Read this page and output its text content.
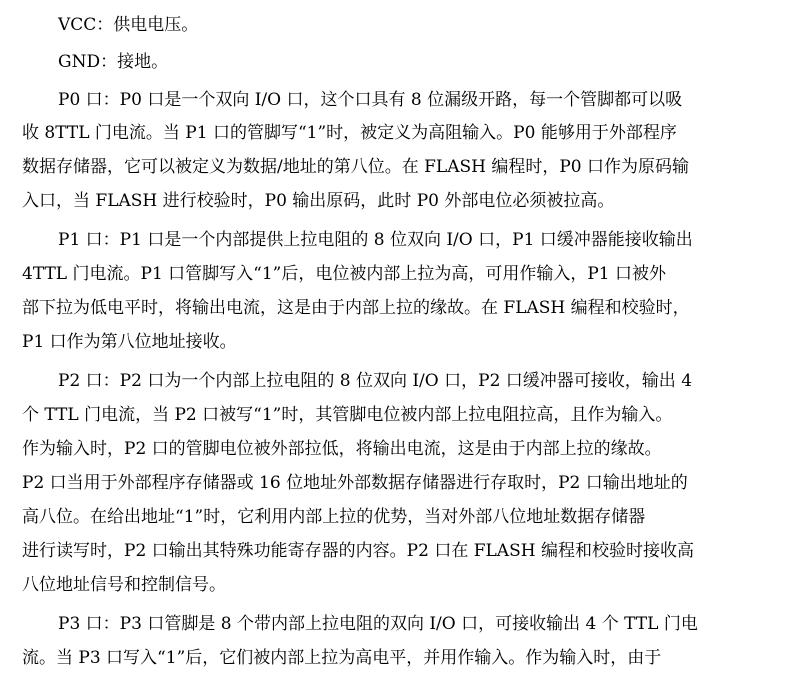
VCC：供电电压。
GND：接地。
P0 口：P0 口是一个双向 I/O 口，这个口具有 8 位漏级开路，每一个管脚都可以吸
收 8TTL 门电流。当 P1 口的管脚写“1”时，被定义为高阻输入。P0 能够用于外部程序
数据存储器，它可以被定义为数据/地址的第八位。在 FLASH 编程时，P0 口作为原码输
入口，当 FLASH 进行校验时，P0 输出原码，此时 P0 外部电位必须被拉高。
P1 口：P1 口是一个内部提供上拉电阻的 8 位双向 I/O 口，P1 口缓冲器能接收输出
4TTL 门电流。P1 口管脚写入“1”后，电位被内部上拉为高，可用作输入，P1 口被外
部下拉为低电平时，将输出电流，这是由于内部上拉的缘故。在 FLASH 编程和校验时，
P1 口作为第八位地址接收。
P2 口：P2 口为一个内部上拉电阻的 8 位双向 I/O 口，P2 口缓冲器可接收，输出 4
个 TTL 门电流，当 P2 口被写“1”时，其管脚电位被内部上拉电阻拉高，且作为输入。
作为输入时，P2 口的管脚电位被外部拉低，将输出电流，这是由于内部上拉的缘故。
P2 口当用于外部程序存储器或 16 位地址外部数据存储器进行存取时，P2 口输出地址的
高八位。在给出地址“1”时，它利用内部上拉的优势，当对外部八位地址数据存储器
进行读写时，P2 口输出其特殊功能寄存器的内容。P2 口在 FLASH 编程和校验时接收高
八位地址信号和控制信号。
P3 口：P3 口管脚是 8 个带内部上拉电阻的双向 I/O 口，可接收输出 4 个 TTL 门电
流。当 P3 口写入“1”后，它们被内部上拉为高电平，并用作输入。作为输入时，由于
